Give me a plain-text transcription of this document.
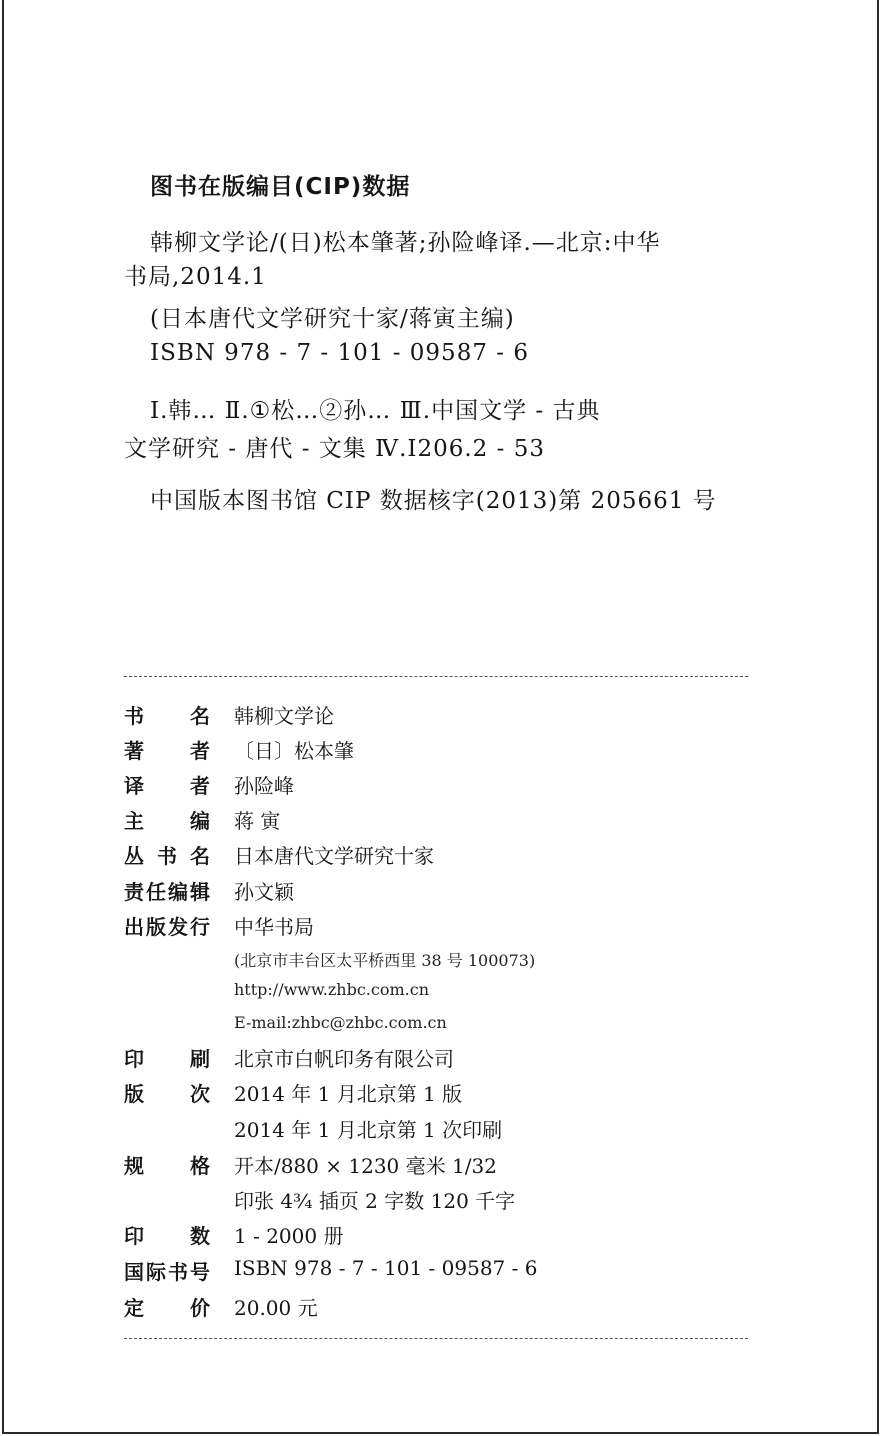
图书在版编目(CIP)数据
韩柳文学论/(日)松本肇著;孙险峰译.—北京:中华
书局,2014.1
(日本唐代文学研究十家/蒋寅主编)
ISBN 978 - 7 - 101 - 09587 - 6
Ⅰ.韩… Ⅱ.①松…②孙… Ⅲ.中国文学 - 古典
文学研究 - 唐代 - 文集 Ⅳ.I206.2 - 53
中国版本图书馆 CIP 数据核字(2013)第 205661 号
书名 韩柳文学论
著者 〔日〕松本肇
译者 孙险峰
主编 蒋 寅
丛书名 日本唐代文学研究十家
责任编辑 孙文颖
出版发行 中华书局
(北京市丰台区太平桥西里 38 号 100073)
http://www.zhbc.com.cn
E-mail:zhbc@zhbc.com.cn
印刷 北京市白帆印务有限公司
版次 2014 年 1 月北京第 1 版
2014 年 1 月北京第 1 次印刷
规格 开本/880 × 1230 毫米 1/32
印张 4¾ 插页 2 字数 120 千字
印数 1 - 2000 册
国际书号 ISBN 978 - 7 - 101 - 09587 - 6
定价 20.00 元
